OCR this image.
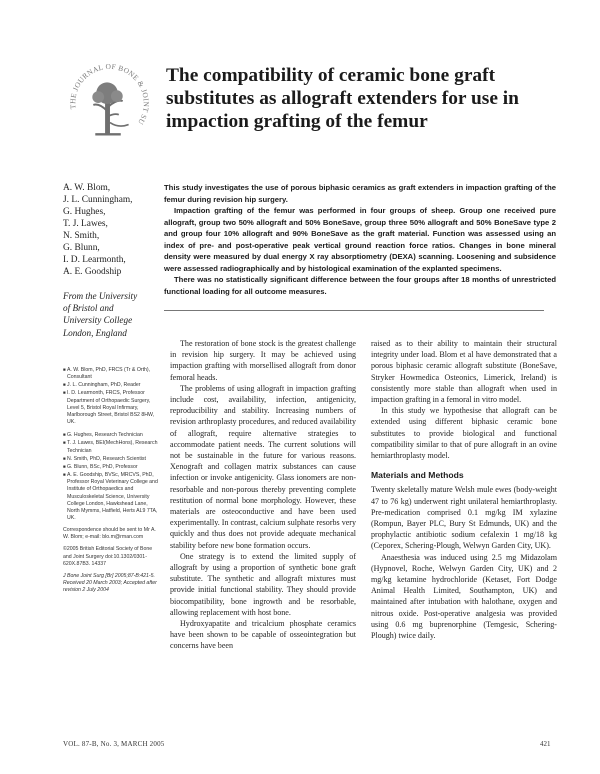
THE JOURNAL OF BONE & JOINT SU
The compatibility of ceramic bone graft substitutes as allograft extenders for use in impaction grafting of the femur
A. W. Blom,
J. L. Cunningham,
G. Hughes,
T. J. Lawes,
N. Smith,
G. Blunn,
I. D. Learmonth,
A. E. Goodship
From the University
of Bristol and
University College
London, England

This study investigates the use of porous biphasic ceramics as graft extenders in impaction grafting of the femur during revision hip surgery.

Impaction grafting of the femur was performed in four groups of sheep. Group one received pure allograft, group two 50% allograft and 50% BoneSave, group three 50% allograft and 50% BoneSave type 2 and group four 10% allograft and 90% BoneSave as the graft material. Function was assessed using an index of pre- and post-operative peak vertical ground reaction force ratios. Changes in bone mineral density were measured by dual energy X ray absorptiometry (DEXA) scanning. Loosening and subsidence were assessed radiographically and by histological examination of the explanted specimens.

There was no statistically significant difference between the four groups after 18 months of unrestricted functional loading for all outcome measures.

■ A. W. Blom, PhD, FRCS (Tr & Orth), Consultant

■ J. L. Cunningham, PhD, Reader

■ I. D. Learmonth, FRCS, Professor Department of Orthopaedic Surgery, Level 5, Bristol Royal Infirmary, Marlborough Street, Bristol BS2 8HW, UK.

■ G. Hughes, Research Technician

■ T. J. Lawes, BEI(MechHons), Research Technician

■ N. Smith, PhD, Research Scientist

■ G. Blunn, BSc, PhD, Professor

■ A. E. Goodship, BVSc, MRCVS, PhD, Professor Royal Veterinary College and Institute of Orthopaedics and Musculoskeletal Science, University College London, Hawkshead Lane, North Mymms, Hatfield, Herts AL9 7TA, UK.

Correspondence should be sent to Mr A. W. Blom; e-mail: blo.m@rman.com

©2005 British Editorial Society of Bone and Joint Surgery doi:10.1302/0301-620X.87B3. 14337

J Bone Joint Surg [Br] 2005;87-B:421-5.

Received 20 March 2003; Accepted after revision 2 July 2004

The restoration of bone stock is the greatest challenge in revision hip surgery. It may be achieved using impaction grafting with morsellised allograft from donor femoral heads.

The problems of using allograft in impaction grafting include cost, availability, infection, antigenicity, reproducibility and stability. Increasing numbers of revision arthroplasty procedures, and reduced availability of allograft, require alternative strategies to accommodate patient needs. The current solutions will not be sustainable in the future for various reasons. Xenograft and collagen matrix substances can cause infection or invoke antigenicity. Glass ionomers are non-resorbable and non-porous thereby preventing complete restitution of normal bone morphology. However, these materials are osteoconductive and have been used experimentally. In contrast, calcium sulphate resorbs very quickly and thus does not provide adequate mechanical stability before new bone formation occurs.

One strategy is to extend the limited supply of allograft by using a proportion of synthetic bone graft substitute. The synthetic and allograft mixtures must provide initial functional stability. They should provide biocompatibility, bone ingrowth and be resorbable, allowing replacement with host bone.

Hydroxyapatite and tricalcium phosphate ceramics have been shown to be capable of osseointegration but concerns have been

raised as to their ability to maintain their structural integrity under load. Blom et al have demonstrated that a porous biphasic ceramic allograft substitute (BoneSave, Stryker Howmedica Osteonics, Limerick, Ireland) is consistently more stable than allograft when used in impaction grafting in a femoral in vitro model.

In this study we hypothesise that allograft can be extended using different biphasic ceramic bone substitutes to provide biological and functional compatibility similar to that of pure allograft in an ovine hemiarthroplasty model.

Materials and Methods

Twenty skeletally mature Welsh mule ewes (body-weight 47 to 76 kg) underwent right unilateral hemiarthroplasty. Pre-medication comprised 0.1 mg/kg IM xylazine (Rompun, Bayer PLC, Bury St Edmunds, UK) and the prophylactic antibiotic sodium cefalexin 1 mg/18 kg (Ceporex, Schering-Plough, Welwyn Garden City, UK).

Anaesthesia was induced using 2.5 mg Midazolam (Hypnovel, Roche, Welwyn Garden City, UK) and 2 mg/kg ketamine hydrochloride (Ketaset, Fort Dodge Animal Health Limited, Southampton, UK) and maintained after intubation with halothane, oxygen and nitrous oxide. Post-operative analgesia was provided using 0.6 mg buprenorphine (Temgesic, Schering-Plough) twice daily.

VOL. 87-B, No. 3, MARCH 2005	421
